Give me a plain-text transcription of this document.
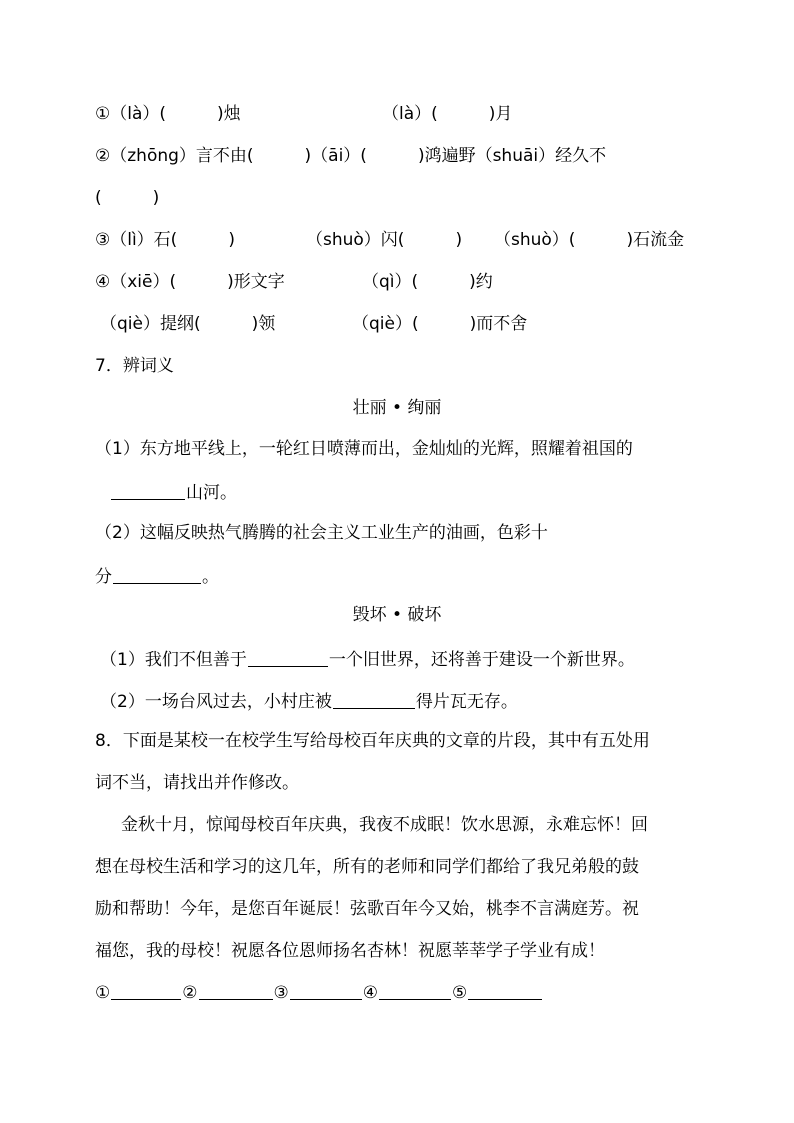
①（là）(　　　)烛	（là）(　　　)月
②（zhōng）言不由(　　　)（āi）(　　　)鸿遍野（shuāi）经久不
(　　　)
③（lì）石(　　　)	（shuò）闪(　　　) （shuò）(　　　)石流金
④（xiē）(　　　)形文字	（qì）(　　　)约
（qiè）提纲(　　　)领	（qiè）(　　　)而不舍
7．辨词义
壮丽 • 绚丽
（1）东方地平线上，一轮红日喷薄而出，金灿灿的光辉，照耀着祖国的
山河。
（2）这幅反映热气腾腾的社会主义工业生产的油画，色彩十
分	。
毁坏 • 破坏
（1）我们不但善于	一个旧世界，还将善于建设一个新世界。
（2）一场台风过去，小村庄被	得片瓦无存。
8．下面是某校一在校学生写给母校百年庆典的文章的片段，其中有五处用
词不当，请找出并作修改。
金秋十月，惊闻母校百年庆典，我夜不成眠！饮水思源，永难忘怀！回
想在母校生活和学习的这几年，所有的老师和同学们都给了我兄弟般的鼓
励和帮助！今年，是您百年诞辰！弦歌百年今又始，桃李不言满庭芳。祝
福您，我的母校！祝愿各位恩师扬名杏林！祝愿莘莘学子学业有成！
①	②	③	④	⑤
